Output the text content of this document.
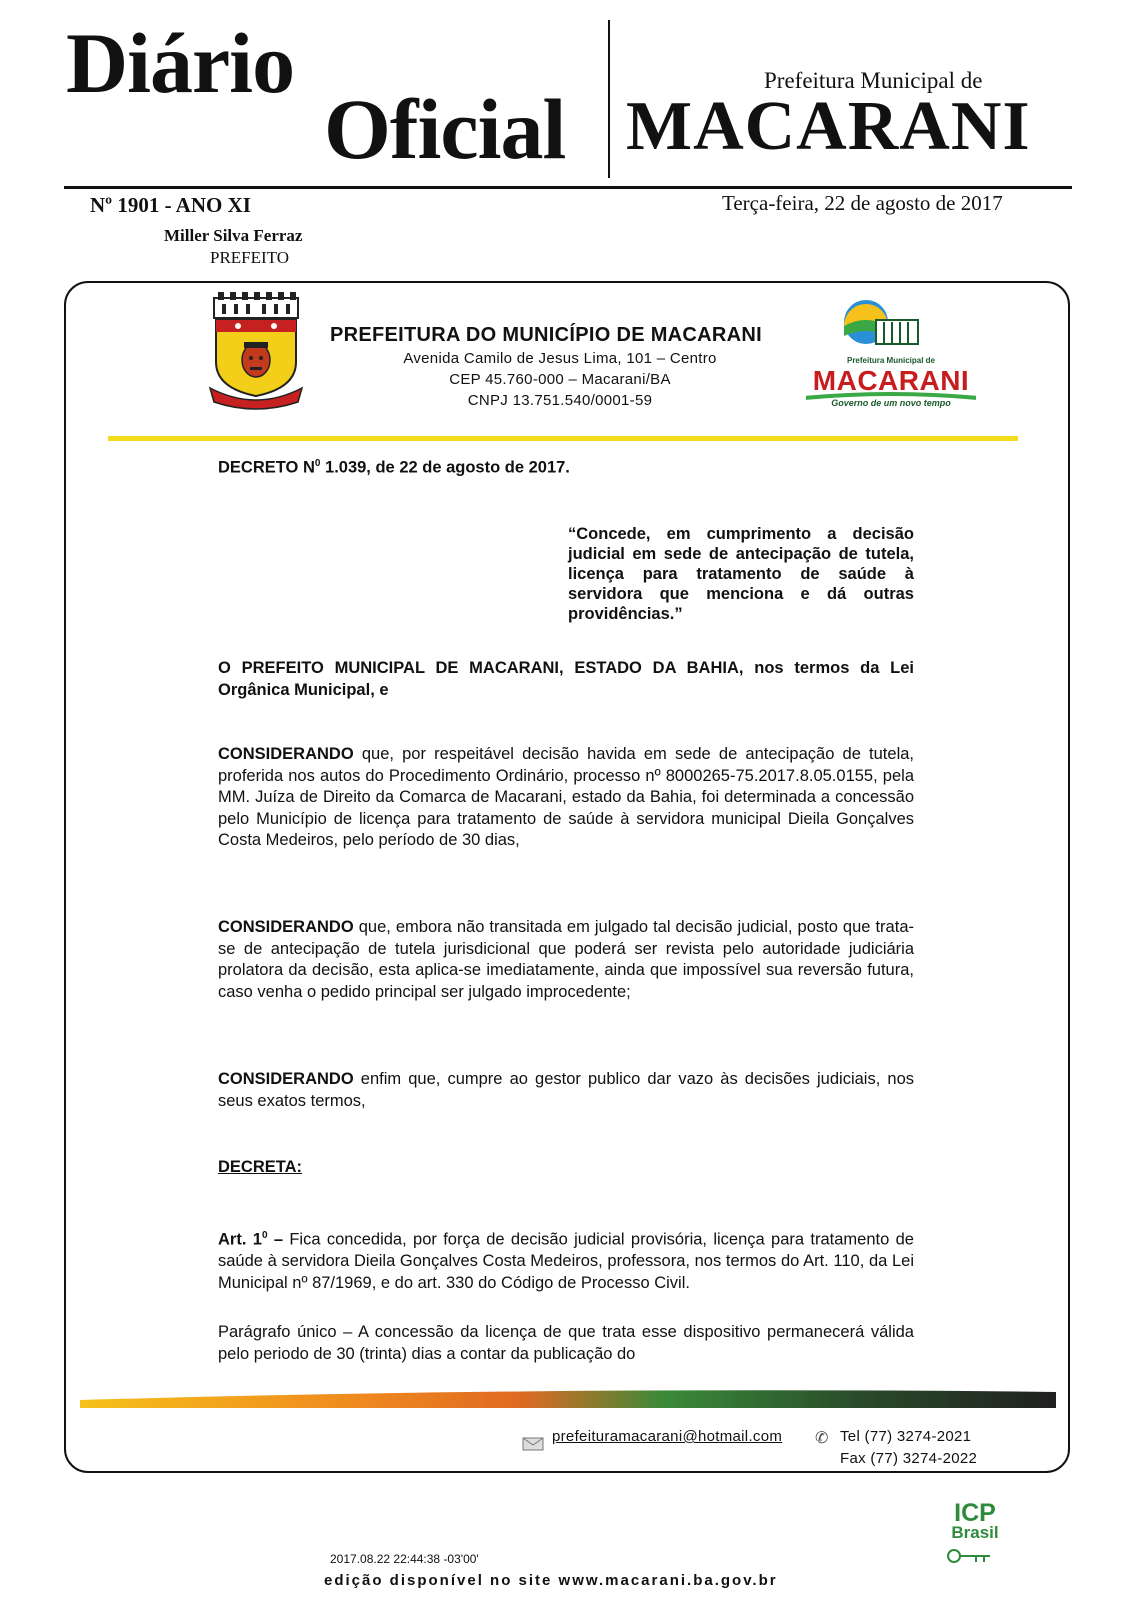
Diário
Oficial
Prefeitura Municipal de
MACARANI
Nº 1901 - ANO XI	Terça-feira, 22 de agosto de 2017
Miller Silva Ferraz
PREFEITO
PREFEITURA DO MUNICÍPIO DE MACARANI
Avenida Camilo de Jesus Lima, 101 – Centro
CEP 45.760-000 – Macarani/BA
CNPJ 13.751.540/0001-59
Prefeitura Municipal de
MACARANI
Governo de um novo tempo
DECRETO $N^0$ 1.039, de 22 de agosto de 2017.
“Concede, em cumprimento a decisão judicial em sede de antecipação de tutela, licença para tratamento de saúde à servidora que menciona e dá outras providências.”
O PREFEITO MUNICIPAL DE MACARANI, ESTADO DA BAHIA, nos termos da Lei Orgânica Municipal, e
CONSIDERANDO que, por respeitável decisão havida em sede de antecipação de tutela, proferida nos autos do Procedimento Ordinário, processo nº 8000265-75.2017.8.05.0155, pela MM. Juíza de Direito da Comarca de Macarani, estado da Bahia, foi determinada a concessão pelo Município de licença para tratamento de saúde à servidora municipal Dieila Gonçalves Costa Medeiros, pelo período de 30 dias,
CONSIDERANDO que, embora não transitada em julgado tal decisão judicial, posto que trata-se de antecipação de tutela jurisdicional que poderá ser revista pelo autoridade judiciária prolatora da decisão, esta aplica-se imediatamente, ainda que impossível sua reversão futura, caso venha o pedido principal ser julgado improcedente;
CONSIDERANDO enfim que, cumpre ao gestor publico dar vazo às decisões judiciais, nos seus exatos termos,
DECRETA:
Art. $1^0$ – Fica concedida, por força de decisão judicial provisória, licença para tratamento de saúde à servidora Dieila Gonçalves Costa Medeiros, professora, nos termos do Art. 110, da Lei Municipal nº 87/1969, e do art. 330 do Código de Processo Civil.
Parágrafo único – A concessão da licença de que trata esse dispositivo permanecerá válida pelo periodo de 30 (trinta) dias a contar da publicação do
prefeituramacarani@hotmail.com ✆ Tel (77) 3274-2021
Fax (77) 3274-2022
ICP
Brasil
2017.08.22 22:44:38 -03'00'
edição disponível no site www.macarani.ba.gov.br
